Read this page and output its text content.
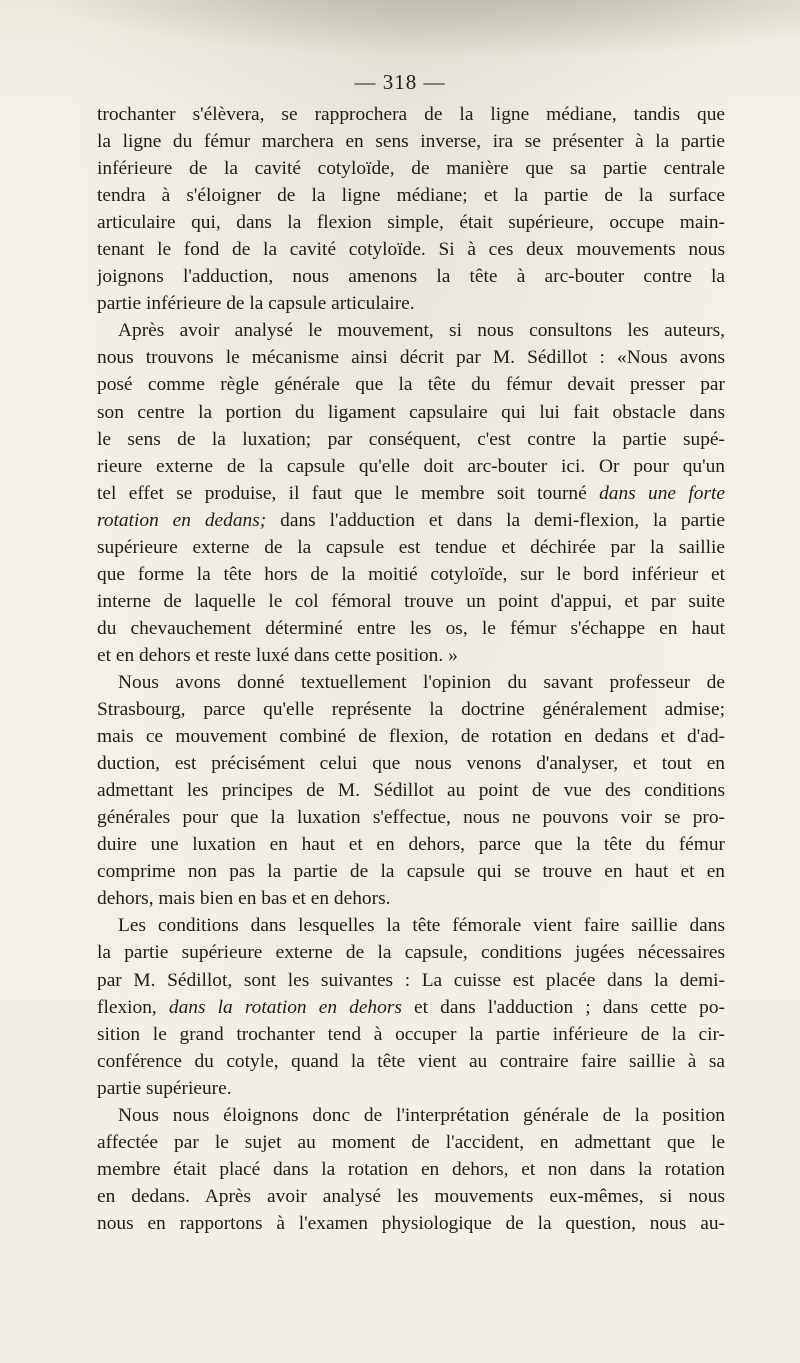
— 318 —

trochanter s'élèvera, se rapprochera de la ligne médiane, tandis que
la ligne du fémur marchera en sens inverse, ira se présenter à la partie
inférieure de la cavité cotyloïde, de manière que sa partie centrale
tendra à s'éloigner de la ligne médiane; et la partie de la surface
articulaire qui, dans la flexion simple, était supérieure, occupe main-
tenant le fond de la cavité cotyloïde. Si à ces deux mouvements nous
joignons l'adduction, nous amenons la tête à arc-bouter contre la
partie inférieure de la capsule articulaire.

Après avoir analysé le mouvement, si nous consultons les auteurs,
nous trouvons le mécanisme ainsi décrit par M. Sédillot : «Nous avons
posé comme règle générale que la tête du fémur devait presser par
son centre la portion du ligament capsulaire qui lui fait obstacle dans
le sens de la luxation; par conséquent, c'est contre la partie supé-
rieure externe de la capsule qu'elle doit arc-bouter ici. Or pour qu'un
tel effet se produise, il faut que le membre soit tourné dans une forte
rotation en dedans; dans l'adduction et dans la demi-flexion, la partie
supérieure externe de la capsule est tendue et déchirée par la saillie
que forme la tête hors de la moitié cotyloïde, sur le bord inférieur et
interne de laquelle le col fémoral trouve un point d'appui, et par suite
du chevauchement déterminé entre les os, le fémur s'échappe en haut
et en dehors et reste luxé dans cette position. »

Nous avons donné textuellement l'opinion du savant professeur de
Strasbourg, parce qu'elle représente la doctrine généralement admise;
mais ce mouvement combiné de flexion, de rotation en dedans et d'ad-
duction, est précisément celui que nous venons d'analyser, et tout en
admettant les principes de M. Sédillot au point de vue des conditions
générales pour que la luxation s'effectue, nous ne pouvons voir se pro-
duire une luxation en haut et en dehors, parce que la tête du fémur
comprime non pas la partie de la capsule qui se trouve en haut et en
dehors, mais bien en bas et en dehors.

Les conditions dans lesquelles la tête fémorale vient faire saillie dans
la partie supérieure externe de la capsule, conditions jugées nécessaires
par M. Sédillot, sont les suivantes : La cuisse est placée dans la demi-
flexion, dans la rotation en dehors et dans l'adduction ; dans cette po-
sition le grand trochanter tend à occuper la partie inférieure de la cir-
conférence du cotyle, quand la tête vient au contraire faire saillie à sa
partie supérieure.

Nous nous éloignons donc de l'interprétation générale de la position
affectée par le sujet au moment de l'accident, en admettant que le
membre était placé dans la rotation en dehors, et non dans la rotation
en dedans. Après avoir analysé les mouvements eux-mêmes, si nous
nous en rapportons à l'examen physiologique de la question, nous au-
